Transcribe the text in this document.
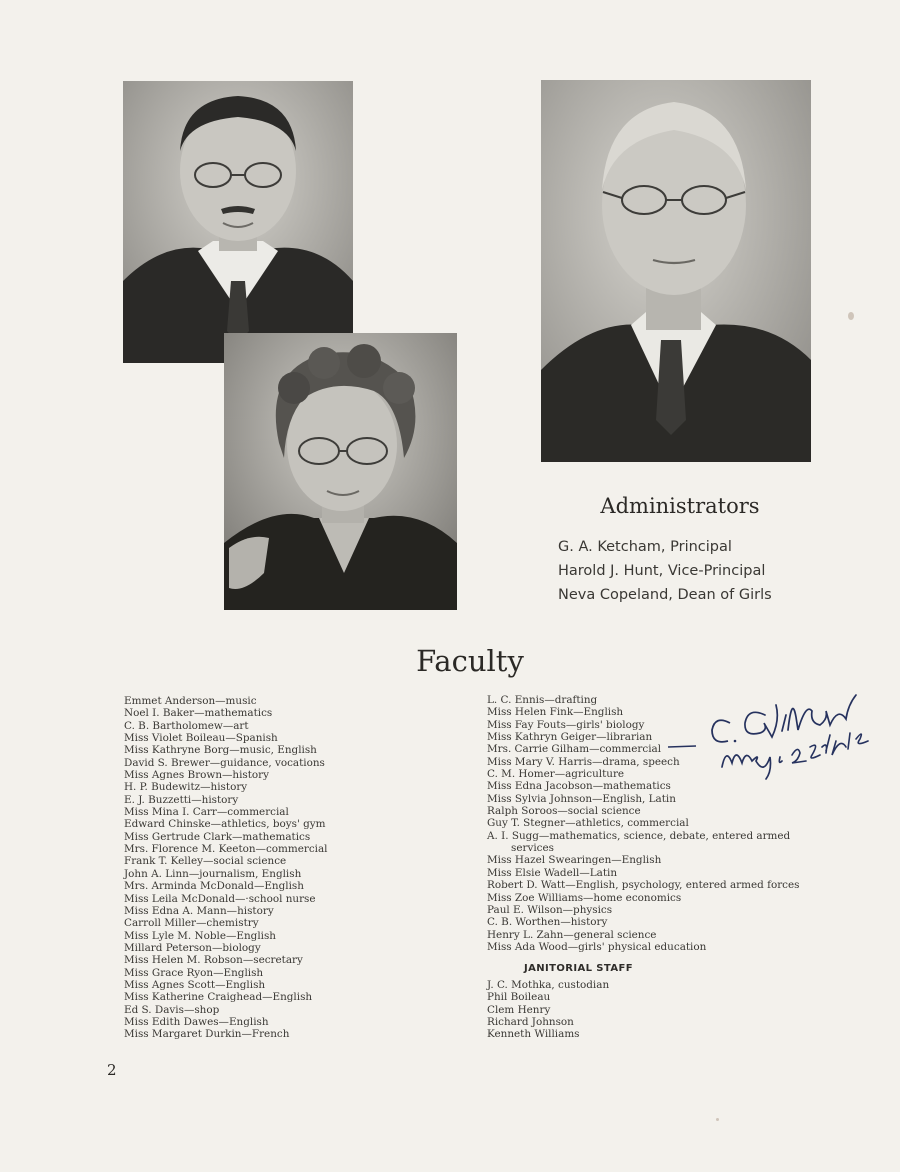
Administrators
G. A. Ketcham, Principal
Harold J. Hunt, Vice-Principal
Neva Copeland, Dean of Girls
Faculty
Emmet Anderson—music
Noel I. Baker—mathematics
C. B. Bartholomew—art
Miss Violet Boileau—Spanish
Miss Kathryne Borg—music, English
David S. Brewer—guidance, vocations
Miss Agnes Brown—history
H. P. Budewitz—history
E. J. Buzzetti—history
Miss Mina I. Carr—commercial
Edward Chinske—athletics, boys' gym
Miss Gertrude Clark—mathematics
Mrs. Florence M. Keeton—commercial
Frank T. Kelley—social science
John A. Linn—journalism, English
Mrs. Arminda McDonald—English
Miss Leila McDonald—·school nurse
Miss Edna A. Mann—history
Carroll Miller—chemistry
Miss Lyle M. Noble—English
Millard Peterson—biology
Miss Helen M. Robson—secretary
Miss Grace Ryon—English
Miss Agnes Scott—English
Miss Katherine Craighead—English
Ed S. Davis—shop
Miss Edith Dawes—English
Miss Margaret Durkin—French
L. C. Ennis—drafting
Miss Helen Fink—English
Miss Fay Fouts—girls' biology
Miss Kathryn Geiger—librarian
Mrs. Carrie Gilham—commercial
Miss Mary V. Harris—drama, speech
C. M. Homer—agriculture
Miss Edna Jacobson—mathematics
Miss Sylvia Johnson—English, Latin
Ralph Soroos—social science
Guy T. Stegner—athletics, commercial
A. I. Sugg—mathematics, science, debate, entered armed
services
Miss Hazel Swearingen—English
Miss Elsie Wadell—Latin
Robert D. Watt—English, psychology, entered armed forces
Miss Zoe Williams—home economics
Paul E. Wilson—physics
C. B. Worthen—history
Henry L. Zahn—general science
Miss Ada Wood—girls' physical education
JANITORIAL STAFF
J. C. Mothka, custodian
Phil Boileau
Clem Henry
Richard Johnson
Kenneth Williams
2
